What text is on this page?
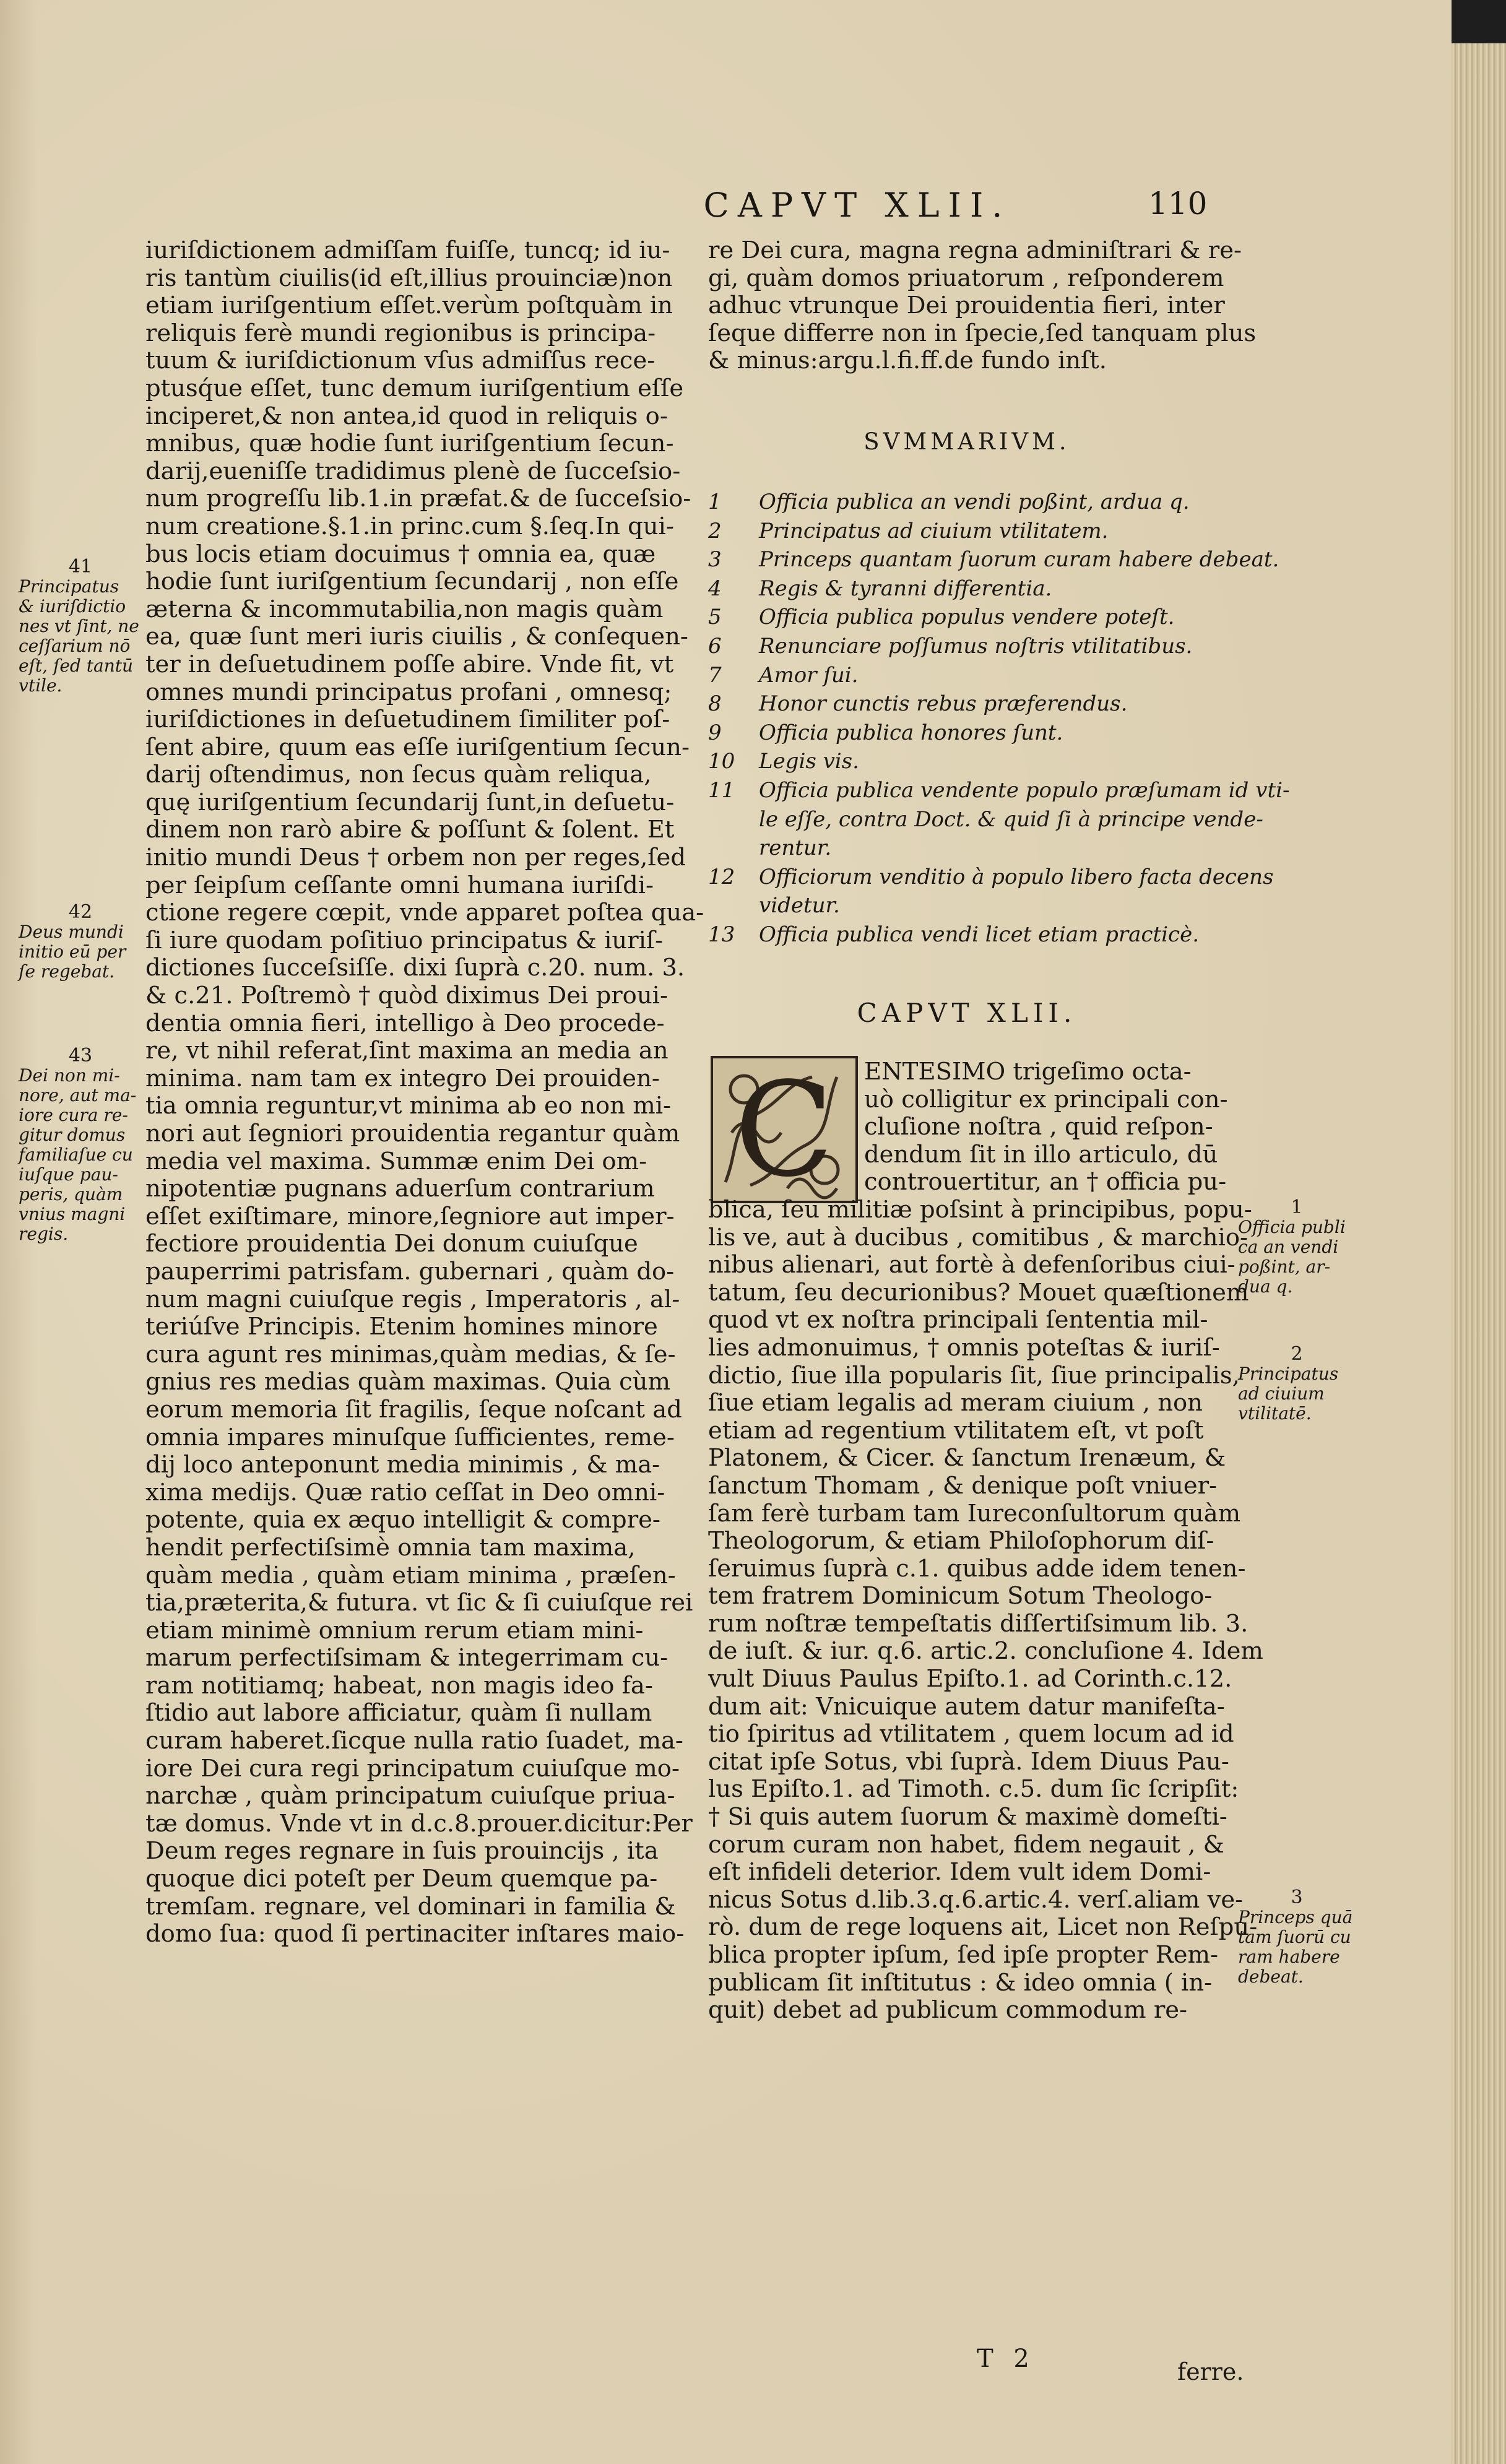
CAPVT XLII.	110
iuriſdictionem admiſſam fuiſſe, tuncq; id iu-
ris tantùm ciuilis(id eſt,illius prouinciæ)non
etiam iuriſgentium eſſet.verùm poſtquàm in
reliquis ferè mundi regionibus is principa-
tuum & iuriſdictionum vſus admiſſus rece-
ptusq́ue eſſet, tunc demum iuriſgentium eſſe
inciperet,& non antea,id quod in reliquis o-
mnibus, quæ hodie ſunt iuriſgentium ſecun-
darij,eueniſſe tradidimus plenè de ſucceſsio-
num progreſſu lib.1.in præfat.& de ſucceſsio-
num creatione.§.1.in princ.cum §.ſeq.In qui-
bus locis etiam docuimus † omnia ea, quæ
hodie ſunt iuriſgentium ſecundarij , non eſſe
æterna & incommutabilia,non magis quàm
ea, quæ ſunt meri iuris ciuilis , & conſequen-
ter in deſuetudinem poſſe abire. Vnde fit, vt
omnes mundi principatus profani , omnesq;
iuriſdictiones in deſuetudinem ſimiliter poſ-
ſent abire, quum eas eſſe iuriſgentium ſecun-
darij oſtendimus, non ſecus quàm reliqua,
quę iuriſgentium ſecundarij ſunt,in deſuetu-
dinem non rarò abire & poſſunt & ſolent. Et
initio mundi Deus † orbem non per reges,ſed
per ſeipſum ceſſante omni humana iuriſdi-
ctione regere cœpit, vnde apparet poſtea qua-
ſi iure quodam poſitiuo principatus & iuriſ-
dictiones ſucceſsiſſe. dixi ſuprà c.20. num. 3.
& c.21. Poſtremò † quòd diximus Dei proui-
dentia omnia fieri, intelligo à Deo procede-
re, vt nihil referat,ſint maxima an media an
minima. nam tam ex integro Dei prouiden-
tia omnia reguntur,vt minima ab eo non mi-
nori aut ſegniori prouidentia regantur quàm
media vel maxima. Summæ enim Dei om-
nipotentiæ pugnans aduerſum contrarium
eſſet exiſtimare, minore,ſegniore aut imper-
fectiore prouidentia Dei donum cuiuſque
pauperrimi patrisfam. gubernari , quàm do-
num magni cuiuſque regis , Imperatoris , al-
teriúſve Principis. Etenim homines minore
cura agunt res minimas,quàm medias, & ſe-
gnius res medias quàm maximas. Quia cùm
eorum memoria ſit fragilis, ſeque noſcant ad
omnia impares minuſque ſufficientes, reme-
dij loco anteponunt media minimis , & ma-
xima medijs. Quæ ratio ceſſat in Deo omni-
potente, quia ex æquo intelligit & compre-
hendit perfectiſsimè omnia tam maxima,
quàm media , quàm etiam minima , præſen-
tia,præterita,& futura. vt ſic & ſi cuiuſque rei
etiam minimè omnium rerum etiam mini-
marum perfectiſsimam & integerrimam cu-
ram notitiamq; habeat, non magis ideo fa-
ſtidio aut labore afficiatur, quàm ſi nullam
curam haberet.ſicque nulla ratio ſuadet, ma-
iore Dei cura regi principatum cuiuſque mo-
narchæ , quàm principatum cuiuſque priua-
tæ domus. Vnde vt in d.c.8.prouer.dicitur:Per
Deum reges regnare in ſuis prouincijs , ita
quoque dici poteſt per Deum quemque pa-
tremſam. regnare, vel dominari in familia &
domo ſua: quod ſi pertinaciter inſtares maio-
re Dei cura, magna regna adminiſtrari & re-
gi, quàm domos priuatorum , reſponderem
adhuc vtrunque Dei prouidentia fieri, inter
ſeque differre non in ſpecie,ſed tanquam plus
& minus:argu.l.fi.ff.de fundo inſt.
SVMMARIVM.
1	Officia publica an vendi poßint, ardua q.
2	Principatus ad ciuium vtilitatem.
3	Princeps quantam ſuorum curam habere debeat.
4	Regis & tyranni differentia.
5	Officia publica populus vendere poteſt.
6	Renunciare poſſumus noſtris vtilitatibus.
7	Amor ſui.
8	Honor cunctis rebus præferendus.
9	Officia publica honores ſunt.
10	Legis vis.
11	Officia publica vendente populo præſumam id vti-
le eſſe, contra Doct. & quid ſi à principe vende-
rentur.
12	Officiorum venditio à populo libero facta decens
videtur.
13	Officia publica vendi licet etiam practicè.
CAPVT XLII.
C	ENTESIMO trigeſimo octa-
uò colligitur ex principali con-
cluſione noſtra , quid reſpon-
dendum ſit in illo articulo, dū
controuertitur, an † officia pu-
blica, ſeu militiæ poſsint à principibus, popu-
lis ve, aut à ducibus , comitibus , & marchio-
nibus alienari, aut fortè à defenſoribus ciui-
tatum, ſeu decurionibus? Mouet quæſtionem
quod vt ex noſtra principali ſententia mil-
lies admonuimus, † omnis poteſtas & iuriſ-
dictio, ſiue illa popularis ſit, ſiue principalis,
ſiue etiam legalis ad meram ciuium , non
etiam ad regentium vtilitatem eſt, vt poſt
Platonem, & Cicer. & ſanctum Irenæum, &
ſanctum Thomam , & denique poſt vniuer-
ſam ferè turbam tam Iureconſultorum quàm
Theologorum, & etiam Philoſophorum diſ-
ſeruimus ſuprà c.1. quibus adde idem tenen-
tem fratrem Dominicum Sotum Theologo-
rum noſtræ tempeſtatis diſſertiſsimum lib. 3.
de iuſt. & iur. q.6. artic.2. concluſione 4. Idem
vult Diuus Paulus Epiſto.1. ad Corinth.c.12.
dum ait: Vnicuique autem datur manifeſta-
tio ſpiritus ad vtilitatem , quem locum ad id
citat ipſe Sotus, vbi ſuprà. Idem Diuus Pau-
lus Epiſto.1. ad Timoth. c.5. dum ſic ſcripſit:
† Si quis autem ſuorum & maximè domeſti-
corum curam non habet, fidem negauit , &
eſt infideli deterior. Idem vult idem Domi-
nicus Sotus d.lib.3.q.6.artic.4. verſ.aliam ve-
rò. dum de rege loquens ait, Licet non Reſpu-
blica propter ipſum, ſed ipſe propter Rem-
publicam ſit inſtitutus : & ideo omnia ( in-
quit) debet ad publicum commodum re-
41
Principatus
& iuriſdictio
nes vt ſint, ne
ceſſarium nō
eſt, ſed tantū
vtile.
42
Deus mundi
initio eū per
ſe regebat.
43
Dei non mi-
nore, aut ma-
iore cura re-
gitur domus
familiaſue cu
iuſque pau-
peris, quàm
vnius magni
regis.
1
Officia publi
ca an vendi
poßint, ar-
dua q.
2
Principatus
ad ciuium
vtilitatē.
3
Princeps quā
tam ſuorū cu
ram habere
debeat.
T 2	ferre.
